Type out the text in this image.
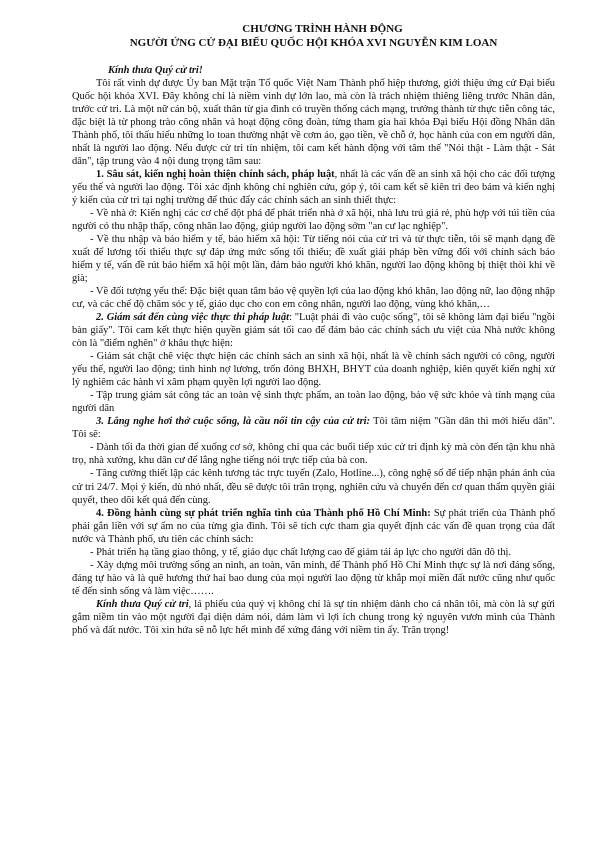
CHƯƠNG TRÌNH HÀNH ĐỘNG
NGƯỜI ỨNG CỬ ĐẠI BIỂU QUỐC HỘI KHÓA XVI NGUYỄN KIM LOAN

Kính thưa Quý cử tri!

Tôi rất vinh dự được Ủy ban Mặt trận Tổ quốc Việt Nam Thành phố hiệp thương, giới thiệu ứng cử Đại biểu Quốc hội khóa XVI. Đây không chỉ là niềm vinh dự lớn lao, mà còn là trách nhiệm thiêng liêng trước Nhân dân, trước cử tri. Là một nữ cán bộ, xuất thân từ gia đình có truyền thống cách mạng, trưởng thành từ thực tiễn công tác, đặc biệt là từ phong trào công nhân và hoạt động công đoàn, từng tham gia hai khóa Đại biểu Hội đồng Nhân dân Thành phố, tôi thấu hiểu những lo toan thường nhật về cơm áo, gạo tiền, về chỗ ở, học hành của con em người dân, nhất là người lao động. Nếu được cử tri tín nhiệm, tôi cam kết hành động với tâm thế "Nói thật - Làm thật - Sát dân", tập trung vào 4 nội dung trọng tâm sau:

1. Sâu sát, kiến nghị hoàn thiện chính sách, pháp luật, nhất là các vấn đề an sinh xã hội cho các đối tượng yếu thế và người lao động. Tôi xác định không chỉ nghiên cứu, góp ý, tôi cam kết sẽ kiên trì đeo bám và kiến nghị ý kiến của cử tri tại nghị trường để thúc đẩy các chính sách an sinh thiết thực:

- Về nhà ở: Kiến nghị các cơ chế đột phá để phát triển nhà ở xã hội, nhà lưu trú giá rẻ, phù hợp với túi tiền của người có thu nhập thấp, công nhân lao động, giúp người lao động sớm "an cư lạc nghiệp".

- Về thu nhập và bảo hiểm y tế, bảo hiểm xã hội: Từ tiếng nói của cử tri và từ thực tiễn, tôi sẽ mạnh dạng đề xuất để lương tối thiểu thực sự đáp ứng mức sống tối thiểu; đề xuất giải pháp bền vững đối với chính sách bảo hiểm y tế, vấn đề rút bảo hiểm xã hội một lần, đảm bảo người khó khăn, người lao động không bị thiệt thòi khi về già;

- Về đối tượng yếu thế: Đặc biệt quan tâm bảo vệ quyền lợi của lao động khó khăn, lao động nữ, lao động nhập cư, và các chế độ chăm sóc y tế, giáo dục cho con em công nhân, người lao động, vùng khó khăn,…

2. Giám sát đến cùng việc thực thi pháp luật: "Luật phải đi vào cuộc sống", tôi sẽ không làm đại biểu "ngồi bàn giấy". Tôi cam kết thực hiện quyền giám sát tối cao để đảm bảo các chính sách ưu việt của Nhà nước không còn là "điểm nghẽn" ở khâu thực hiện:

- Giám sát chặt chẽ việc thực hiện các chính sách an sinh xã hội, nhất là về chính sách người có công, người yếu thế, người lao động; tình hình nợ lương, trốn đóng BHXH, BHYT của doanh nghiệp, kiên quyết kiến nghị xử lý nghiêm các hành vi xâm phạm quyền lợi người lao động.

- Tập trung giám sát công tác an toàn vệ sinh thực phẩm, an toàn lao động, bảo vệ sức khỏe và tính mạng của người dân

3. Lắng nghe hơi thở cuộc sống, là cầu nối tin cậy của cử tri: Tôi tâm niệm "Gần dân thì mới hiểu dân". Tôi sẽ:

- Dành tối đa thời gian để xuống cơ sở, không chỉ qua các buổi tiếp xúc cử tri định kỳ mà còn đến tận khu nhà trọ, nhà xưởng, khu dân cư để lắng nghe tiếng nói trực tiếp của bà con.

- Tăng cường thiết lập các kênh tương tác trực tuyến (Zalo, Hotline...), công nghệ số để tiếp nhận phản ánh của cử tri 24/7. Mọi ý kiến, dù nhỏ nhất, đều sẽ được tôi trân trọng, nghiên cứu và chuyển đến cơ quan thẩm quyền giải quyết, theo dõi kết quả đến cùng.

4. Đồng hành cùng sự phát triển nghĩa tình của Thành phố Hồ Chí Minh: Sự phát triển của Thành phố phải gắn liền với sự ấm no của từng gia đình. Tôi sẽ tích cực tham gia quyết định các vấn đề quan trọng của đất nước và Thành phố, ưu tiên các chính sách:

- Phát triển hạ tầng giao thông, y tế, giáo dục chất lượng cao để giảm tải áp lực cho người dân đô thị.

- Xây dựng môi trường sống an ninh, an toàn, văn minh, để Thành phố Hồ Chí Minh thực sự là nơi đáng sống, đáng tự hào và là quê hương thứ hai bao dung của mọi người lao động từ khắp mọi miền đất nước cũng như quốc tế đến sinh sống và làm việc…….

Kính thưa Quý cử tri, lá phiếu của quý vị không chỉ là sự tín nhiệm dành cho cá nhân tôi, mà còn là sự gửi gắm niềm tin vào một người đại diện dám nói, dám làm vì lợi ích chung trong kỷ nguyên vươn mình của Thành phố và đất nước. Tôi xin hứa sẽ nỗ lực hết mình để xứng đáng với niềm tin ấy. Trân trọng!
